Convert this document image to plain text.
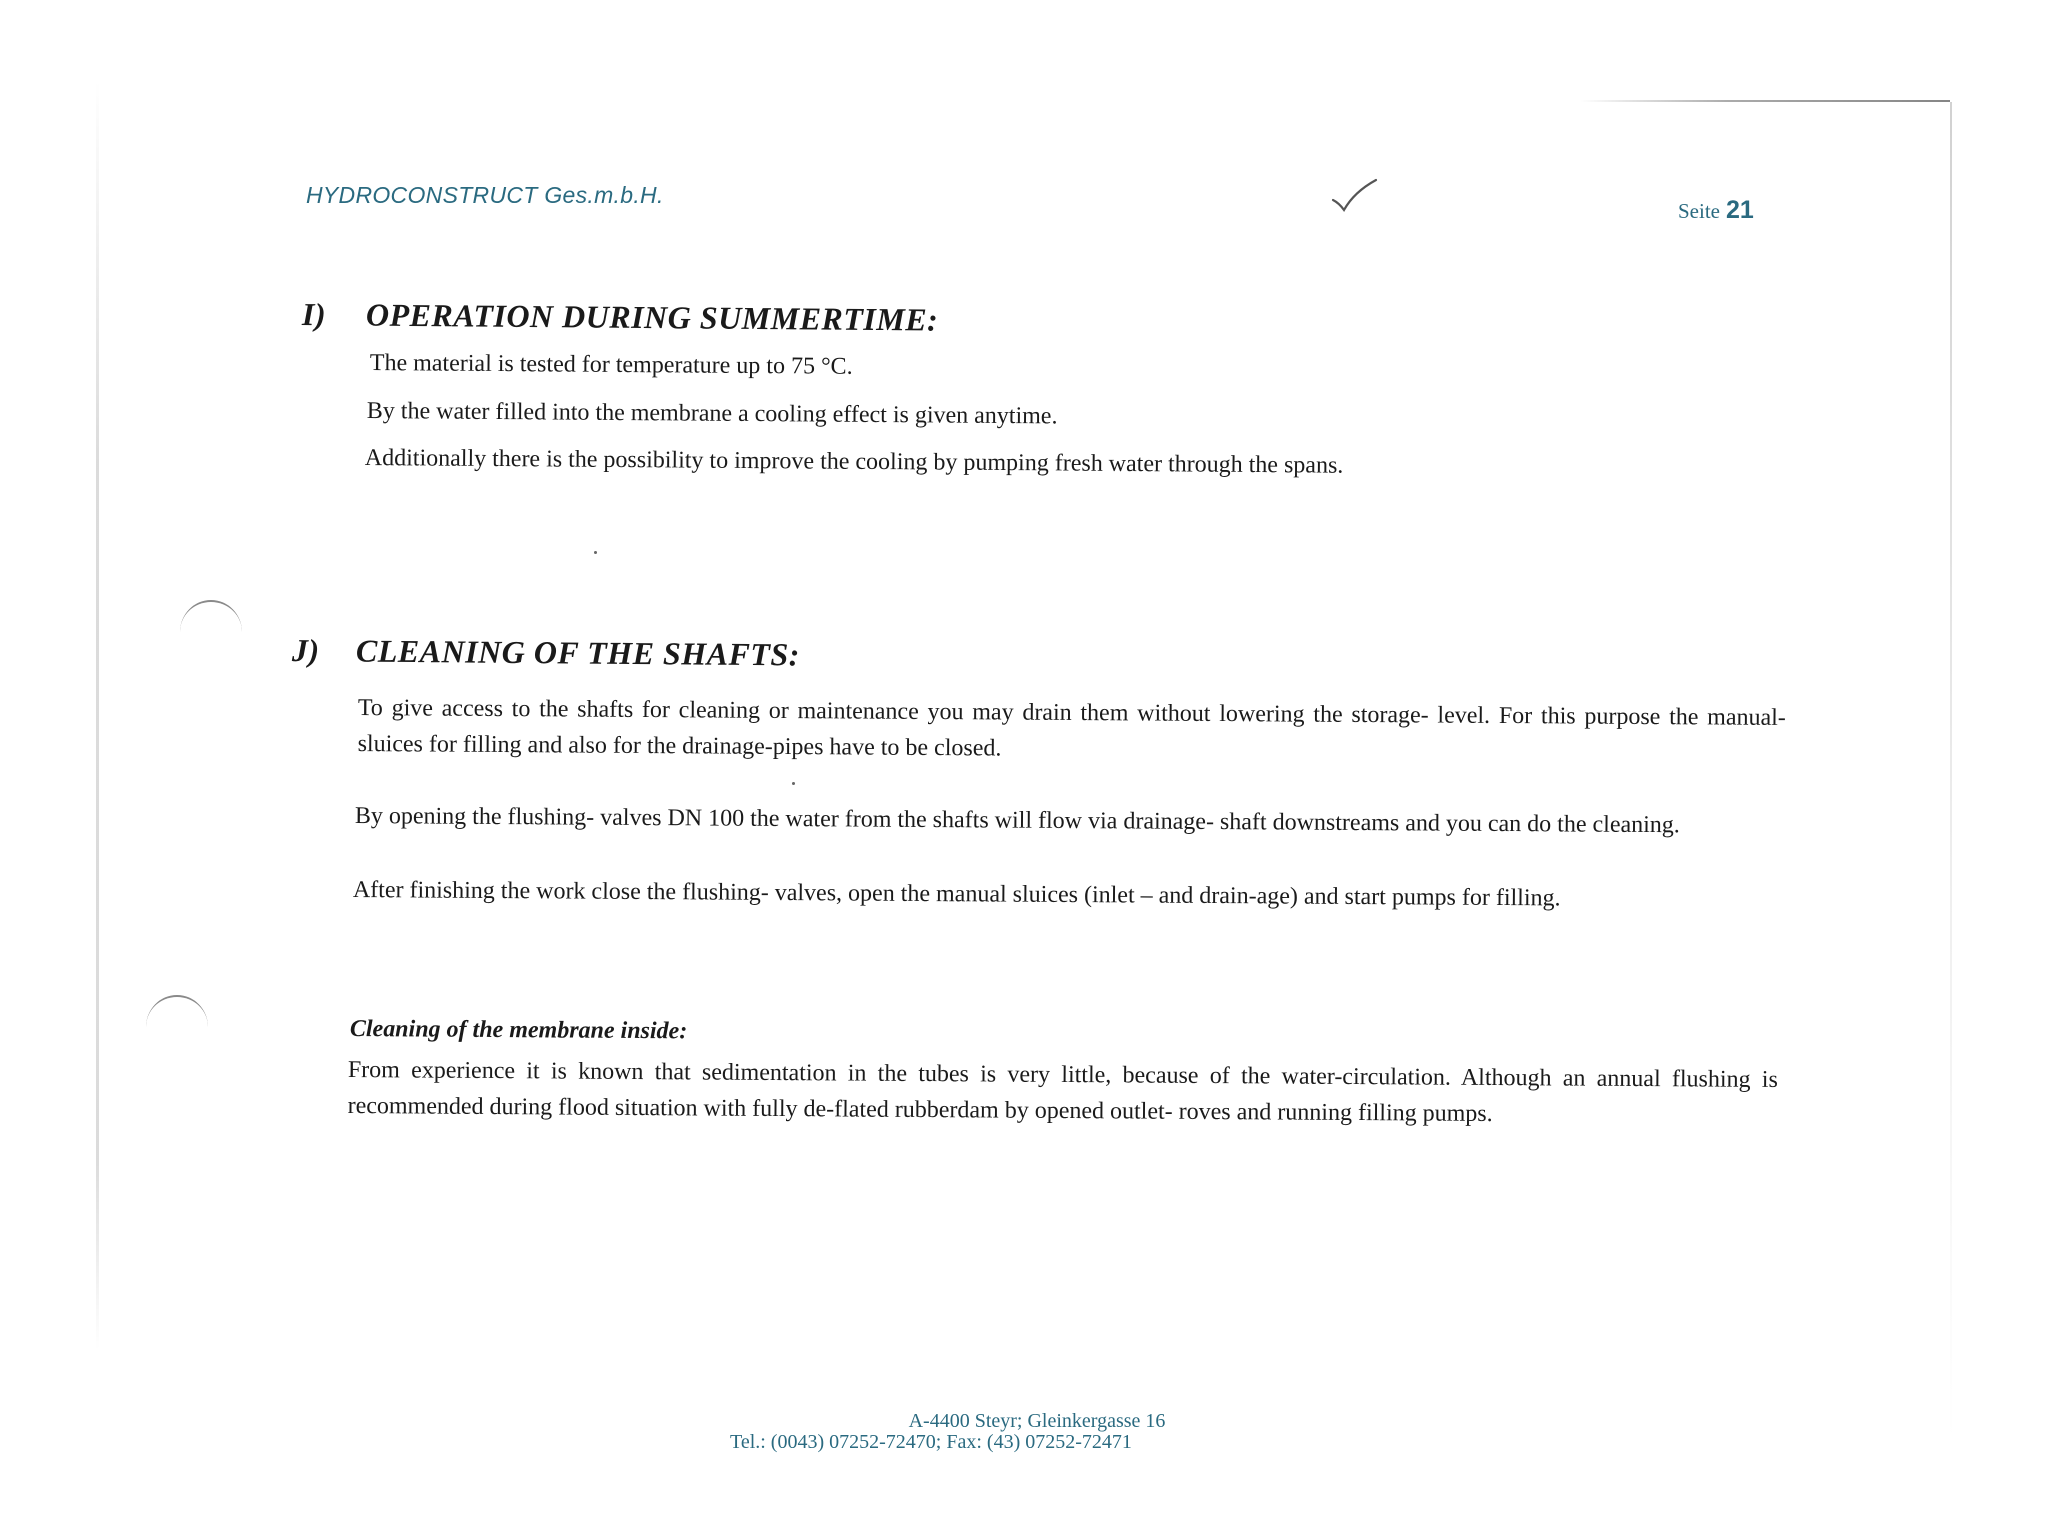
HYDROCONSTRUCT Ges.m.b.H.
Seite 21
I) OPERATION DURING SUMMERTIME:
The material is tested for temperature up to 75 °C.
By the water filled into the membrane a cooling effect is given anytime.
Additionally there is the possibility to improve the cooling by pumping fresh water through the spans.
J) CLEANING OF THE SHAFTS:
To give access to the shafts for cleaning or maintenance you may drain them without lowering the storage- level. For this purpose the manual- sluices for filling and also for the drainage-pipes have to be closed.
By opening the flushing- valves DN 100 the water from the shafts will flow via drainage- shaft downstreams and you can do the cleaning.
After finishing the work close the flushing- valves, open the manual sluices (inlet – and drain-age) and start pumps for filling.
Cleaning of the membrane inside:
From experience it is known that sedimentation in the tubes is very little, because of the water-circulation. Although an annual flushing is recommended during flood situation with fully de-flated rubberdam by opened outlet- roves and running filling pumps.
A-4400 Steyr; Gleinkergasse 16
Tel.: (0043) 07252-72470; Fax: (43) 07252-72471
